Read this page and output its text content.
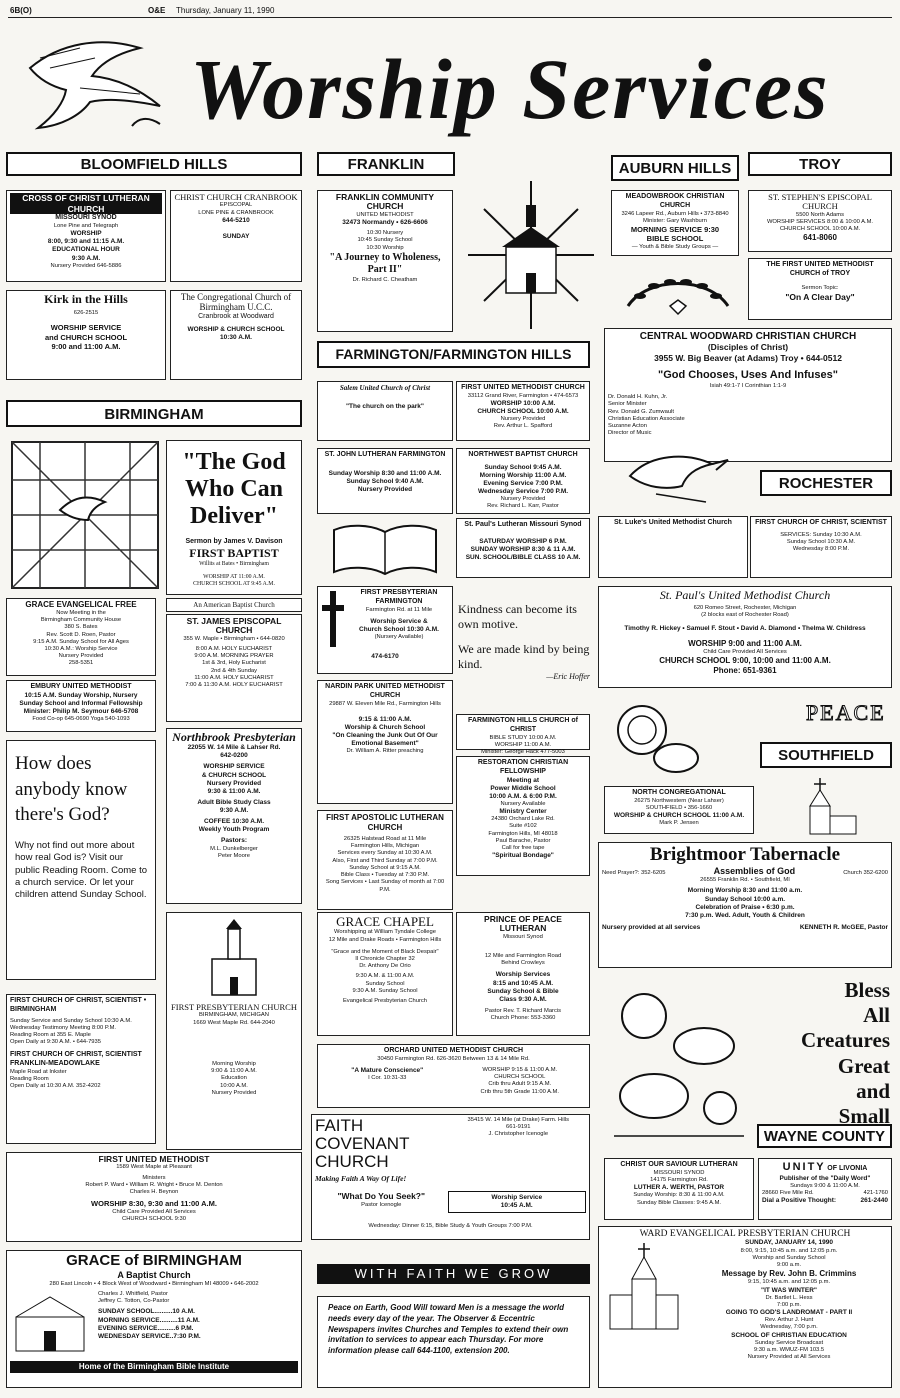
6B(O)	O&E Thursday, January 11, 1990
Worship Services
BLOOMFIELD HILLS	FRANKLIN	AUBURN HILLS	TROY
FARMINGTON/FARMINGTON HILLS
BIRMINGHAM
ROCHESTER
SOUTHFIELD
WAYNE COUNTY
CROSS OF CHRIST LUTHERAN CHURCH
MISSOURI SYNOD
Lone Pine and Telegraph
WORSHIP
8:00, 9:30 and 11:15 A.M.
EDUCATIONAL HOUR
9:30 A.M.
Nursery Provided 646-5886
CHRIST CHURCH CRANBROOK
EPISCOPAL
LONE PINE & CRANBROOK
644-5210
SUNDAY
Kirk in the Hills
626-2515
WORSHIP SERVICE
and CHURCH SCHOOL
9:00 and 11:00 A.M.
The Congregational Church of Birmingham U.C.C.
Cranbrook at Woodward
WORSHIP & CHURCH SCHOOL
10:30 A.M.
GRACE EVANGELICAL FREE
Now Meeting in the
Birmingham Community House
380 S. Bates
Rev. Scott D. Roen, Pastor
9:15 A.M. Sunday School for All Ages
10:30 A.M.: Worship Service
Nursery Provided
258-5351
EMBURY UNITED METHODIST
10:15 A.M. Sunday Worship, Nursery
Sunday School and Informal Fellowship
Minister: Philip M. Seymour 646-5708
Food Co-op 645-0690 Yoga 540-1093
How does anybody know there's God?
Why not find out more about how real God is? Visit our public Reading Room. Come to a church service. Or let your children attend Sunday School.
FIRST CHURCH OF CHRIST, SCIENTIST • BIRMINGHAM
Sunday Service and Sunday School 10:30 A.M.
Wednesday Testimony Meeting 8:00 P.M.
Reading Room at 355 E. Maple
Open Daily at 9:30 A.M. • 644-7935
FIRST CHURCH OF CHRIST, SCIENTIST FRANKLIN-MEADOWLAKE
Maple Road at Inkster
Reading Room
Open Daily at 10:30 A.M. 352-4202
"The God Who Can Deliver"
Sermon by James V. Davison
FIRST BAPTIST
Willits at Bates • Birmingham
WORSHIP AT 11:00 A.M.
CHURCH SCHOOL AT 9:45 A.M.
An American Baptist Church
ST. JAMES EPISCOPAL CHURCH
355 W. Maple • Birmingham • 644-0820
8:00 A.M. HOLY EUCHARIST
9:00 A.M. MORNING PRAYER
1st & 3rd, Holy Eucharist
2nd & 4th Sunday
11:00 A.M. HOLY EUCHARIST
7:00 & 11:30 A.M. HOLY EUCHARIST
Northbrook Presbyterian
22055 W. 14 Mile & Lahser Rd.
642-0200
WORSHIP SERVICE
& CHURCH SCHOOL
Nursery Provided
9:30 & 11:00 A.M.
Adult Bible Study Class
9:30 A.M.
COFFEE 10:30 A.M.
Weekly Youth Program
Pastors:
M.L. Dunkelberger
Peter Moore
FIRST PRESBYTERIAN CHURCH
BIRMINGHAM, MICHIGAN
1669 West Maple Rd. 644-2040
Morning Worship
9:00 & 11:00 A.M.
Education
10:00 A.M.
Nursery Provided
FIRST UNITED METHODIST
1589 West Maple at Pleasant
Ministers
Robert P. Ward • William R. Wright • Bruce M. Denton
Charles H. Beynon
WORSHIP 8:30, 9:30 and 11:00 A.M.
Child Care Provided All Services
CHURCH SCHOOL 9:30
GRACE of BIRMINGHAM
A Baptist Church
280 East Lincoln • 4 Block West of Woodward • Birmingham MI 48009 • 646-2002
Charles J. Whitfield, Pastor
Jeffrey C. Totton, Co-Pastor
SUNDAY SCHOOL..........10 A.M.
MORNING SERVICE..........11 A.M.
EVENING SERVICE..........6 P.M.
WEDNESDAY SERVICE..7:30 P.M.
Home of the Birmingham Bible Institute
FRANKLIN COMMUNITY CHURCH
UNITED METHODIST
32473 Normandy • 626-6606
10:30 Nursery
10:45 Sunday School
10:30 Worship
"A Journey to Wholeness, Part II"
Dr. Richard C. Cheatham
Salem United Church of Christ
"The church on the park"
FIRST UNITED METHODIST CHURCH
33112 Grand River, Farmington • 474-6573
WORSHIP 10:00 A.M.
CHURCH SCHOOL 10:00 A.M.
Nursery Provided
Rev. Arthur L. Spafford
ST. JOHN LUTHERAN FARMINGTON
Sunday Worship 8:30 and 11:00 A.M.
Sunday School 9:40 A.M.
Nursery Provided
NORTHWEST BAPTIST CHURCH
Sunday School 9:45 A.M.
Morning Worship 11:00 A.M.
Evening Service 7:00 P.M.
Wednesday Service 7:00 P.M.
Nursery Provided
Rev. Richard L. Karr, Pastor
St. Paul's Lutheran Missouri Synod
SATURDAY WORSHIP 6 P.M.
SUNDAY WORSHIP 8:30 & 11 A.M.
SUN. SCHOOL/BIBLE CLASS 10 A.M.
FIRST PRESBYTERIAN FARMINGTON
Farmington Rd. at 11 Mile
Worship Service &
Church School 10:30 A.M.
(Nursery Available)
474-6170
Kindness can become its own motive.
We are made kind by being kind.
—Eric Hoffer
NARDIN PARK UNITED METHODIST CHURCH
29887 W. Eleven Mile Rd., Farmington Hills
9:15 & 11:00 A.M.
Worship & Church School
"On Cleaning the Junk Out Of Our Emotional Basement"
Dr. William A. Ritter preaching
FARMINGTON HILLS CHURCH of CHRIST
BIBLE STUDY 10:00 A.M.
WORSHIP 11:00 A.M.
Minister: George Hack 477-5003
RESTORATION CHRISTIAN FELLOWSHIP
Meeting at
Power Middle School
10:00 A.M. & 6:00 P.M.
Nursery Available
Ministry Center
24380 Orchard Lake Rd.
Suite #102
Farmington Hills, MI 48018
Paul Barache, Pastor
Call for free tape
"Spiritual Bondage"
FIRST APOSTOLIC LUTHERAN CHURCH
26325 Halstead Road at 11 Mile
Farmington Hills, Michigan
Services every Sunday at 10:30 A.M.
Also, First and Third Sunday at 7:00 P.M.
Sunday School at 9:15 A.M.
Bible Class • Tuesday at 7:30 P.M.
Song Services • Last Sunday of month at 7:00 P.M.
GRACE CHAPEL
Worshipping at William Tyndale College
12 Mile and Drake Roads • Farmington Hills
"Grace and the Moment of Black Despair"
II Chronicle Chapter 32
Dr. Anthony De Orio
9:30 A.M. & 11:00 A.M.
Sunday School
9:30 A.M. Sunday School
Evangelical Presbyterian Church
PRINCE OF PEACE LUTHERAN
Missouri Synod
12 Mile and Farmington Road
Behind Crowleys
Worship Services
8:15 and 10:45 A.M.
Sunday School & Bible
Class 9:30 A.M.
Pastor Rev. T. Richard Marcis
Church Phone: 553-3360
ORCHARD UNITED METHODIST CHURCH
30450 Farmington Rd. 626-3620 Between 13 & 14 Mile Rd.
"A Mature Conscience"
I Cor. 10:31-33
WORSHIP 9:15 & 11:00 A.M.
CHURCH SCHOOL
Crib thru Adult 9:15 A.M.
Crib thru 5th Grade 11:00 A.M.
FAITH COVENANT CHURCH
Making Faith A Way Of Life!
35415 W. 14 Mile (at Drake) Farm. Hills
661-9191
J. Christopher Icenogle
"What Do You Seek?"
Pastor Icenogle
Worship Service
10:45 A.M.
Wednesday: Dinner 6:15, Bible Study & Youth Groups 7:00 P.M.
WITH FAITH WE GROW
Peace on Earth, Good Will toward Men is a message the world needs every day of the year. The Observer & Eccentric Newspapers invites Churches and Temples to extend their own invitation to services to appear each Thursday. For more information please call 644-1100, extension 200.
MEADOWBROOK CHRISTIAN CHURCH
3246 Lapeer Rd., Auburn Hills • 373-8840
Minister: Gary Washburn
MORNING SERVICE 9:30
BIBLE SCHOOL
— Youth & Bible Study Groups —
ST. STEPHEN'S EPISCOPAL CHURCH
5500 North Adams
WORSHIP SERVICES 8:00 & 10:00 A.M.
CHURCH SCHOOL 10:00 A.M.
641-8060
THE FIRST UNITED METHODIST CHURCH of TROY
Sermon Topic:
"On A Clear Day"
CENTRAL WOODWARD CHRISTIAN CHURCH
(Disciples of Christ)
3955 W. Big Beaver (at Adams) Troy • 644-0512
"God Chooses, Uses And Infuses"
Isiah 49:1-7 I Corinthian 1:1-9
Dr. Donald H. Kuhn, Jr.
Senior Minister
Rev. Donald G. Zumwault
Christian Education Associate
Suzanne Acton
Director of Music
St. Luke's United Methodist Church	FIRST CHURCH OF CHRIST, SCIENTIST
SERVICES: Sunday 10:30 A.M.
Sunday School 10:30 A.M.
Wednesday 8:00 P.M.
St. Paul's United Methodist Church
620 Romeo Street, Rochester, Michigan
(2 blocks east of Rochester Road)
Timothy R. Hickey • Samuel F. Stout • David A. Diamond • Thelma W. Childress
WORSHIP 9:00 and 11:00 A.M.
Child Care Provided All Services
CHURCH SCHOOL 9:00, 10:00 and 11:00 A.M.
Phone: 651-9361
PEACE
NORTH CONGREGATIONAL
26275 Northwestern (Near Lahser)
SOUTHFIELD • 356-1660
WORSHIP & CHURCH SCHOOL 11:00 A.M.
Mark P. Jensen
Brightmoor Tabernacle
Need Prayer?: 352-6205	Assemblies of God	Church 352-6200
26555 Franklin Rd. • Southfield, MI
Morning Worship 8:30 and 11:00 a.m.
Sunday School 10:00 a.m.
Celebration of Praise • 6:30 p.m.
7:30 p.m. Wed. Adult, Youth & Children
Nursery provided at all services	KENNETH R. McGEE, Pastor
Bless
All
Creatures
Great
and
Small
CHRIST OUR SAVIOUR LUTHERAN
MISSOURI SYNOD
14175 Farmington Rd.
LUTHER A. WERTH, PASTOR
Sunday Worship: 8:30 & 11:00 A.M.
Sunday Bible Classes: 9:45 A.M.
UNITY OF LIVONIA
Publisher of the "Daily Word"
Sundays 9:00 & 11:00 A.M.
28660 Five Mile Rd.	421-1760
Dial a Positive Thought:	261-2440
WARD EVANGELICAL PRESBYTERIAN CHURCH
SUNDAY, JANUARY 14, 1990
8:00, 9:15, 10:45 a.m. and 12:05 p.m.
Worship and Sunday School
9:00 a.m.
Message by Rev. John B. Crimmins
9:15, 10:45 a.m. and 12:05 p.m.
"IT WAS WINTER"
Dr. Bartlet L. Hess
7:00 p.m.
GOING TO GOD'S LANDROMAT - PART II
Rev. Arthur J. Hunt
Wednesday, 7:00 p.m.
SCHOOL OF CHRISTIAN EDUCATION
Sunday Service Broadcast
9:30 a.m. WMUZ-FM 103.5
Nursery Provided at All Services
